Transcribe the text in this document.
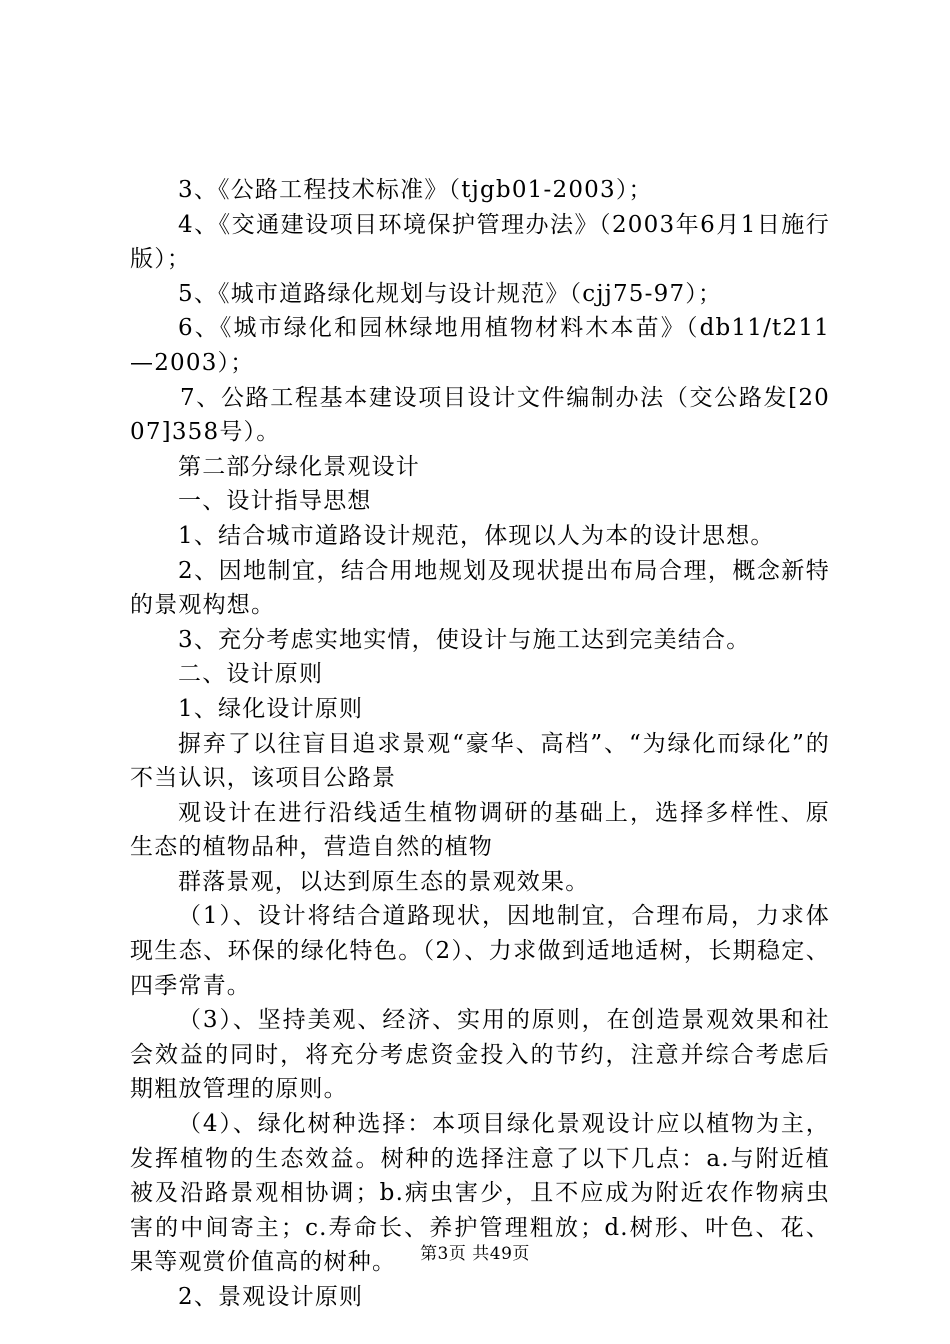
3、《公路工程技术标准》（tjgb01-2003）；

4、《交通建设项目环境保护管理办法》（2003年6月1日施行版）；

5、《城市道路绿化规划与设计规范》（cjj75-97）；

6、《城市绿化和园林绿地用植物材料木本苗》（db11/t211—2003）；

7、公路工程基本建设项目设计文件编制办法（交公路发[2007]358号）。

第二部分绿化景观设计

一、设计指导思想

1、结合城市道路设计规范，体现以人为本的设计思想。

2、因地制宜，结合用地规划及现状提出布局合理，概念新特的景观构想。

3、充分考虑实地实情，使设计与施工达到完美结合。

二、设计原则

1、绿化设计原则

摒弃了以往盲目追求景观“豪华、高档”、“为绿化而绿化”的不当认识，该项目公路景

观设计在进行沿线适生植物调研的基础上，选择多样性、原生态的植物品种，营造自然的植物

群落景观，以达到原生态的景观效果。

（1）、设计将结合道路现状，因地制宜，合理布局，力求体现生态、环保的绿化特色。（2）、力求做到适地适树，长期稳定、四季常青。

（3）、坚持美观、经济、实用的原则，在创造景观效果和社会效益的同时，将充分考虑资金投入的节约，注意并综合考虑后期粗放管理的原则。

（4）、绿化树种选择：本项目绿化景观设计应以植物为主，发挥植物的生态效益。树种的选择注意了以下几点：a.与附近植被及沿路景观相协调；b.病虫害少，且不应成为附近农作物病虫害的中间寄主；c.寿命长、养护管理粗放；d.树形、叶色、花、果等观赏价值高的树种。

2、景观设计原则

第3页 共49页
